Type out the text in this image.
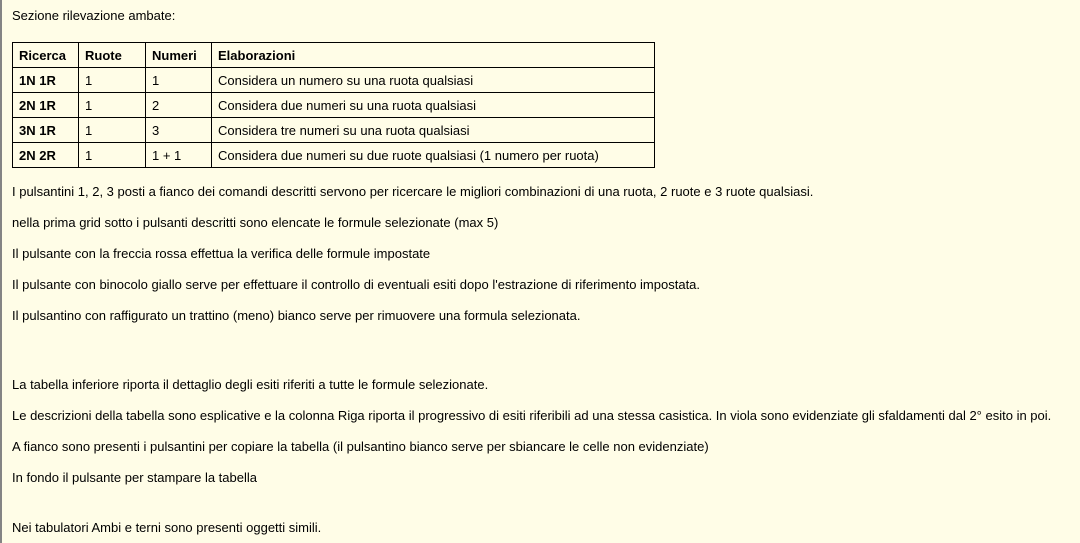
Sezione rilevazione ambate:

Ricerca	Ruote	Numeri	Elaborazioni
1N 1R	1	1	Considera un numero su una ruota qualsiasi
2N 1R	1	2	Considera due numeri su una ruota qualsiasi
3N 1R	1	3	Considera tre numeri su una ruota qualsiasi
2N 2R	1	1 + 1	Considera due numeri su due ruote qualsiasi (1 numero per ruota)

I pulsantini 1, 2, 3 posti a fianco dei comandi descritti servono per ricercare le migliori combinazioni di una ruota, 2 ruote e 3 ruote qualsiasi.

nella prima grid sotto i pulsanti descritti sono elencate le formule selezionate (max 5)

Il pulsante con la freccia rossa effettua la verifica delle formule impostate

Il pulsante con binocolo giallo serve per effettuare il controllo di eventuali esiti dopo l'estrazione di riferimento impostata.

Il pulsantino con raffigurato un trattino (meno) bianco serve per rimuovere una formula selezionata.

La tabella inferiore riporta il dettaglio degli esiti riferiti a tutte le formule selezionate.

Le descrizioni della tabella sono esplicative e la colonna Riga riporta il progressivo di esiti riferibili ad una stessa casistica. In viola sono evidenziate gli sfaldamenti dal 2° esito in poi.

A fianco sono presenti i pulsantini per copiare la tabella (il pulsantino bianco serve per sbiancare le celle non evidenziate)

In fondo il pulsante per stampare la tabella

Nei tabulatori Ambi e terni sono presenti oggetti simili.
